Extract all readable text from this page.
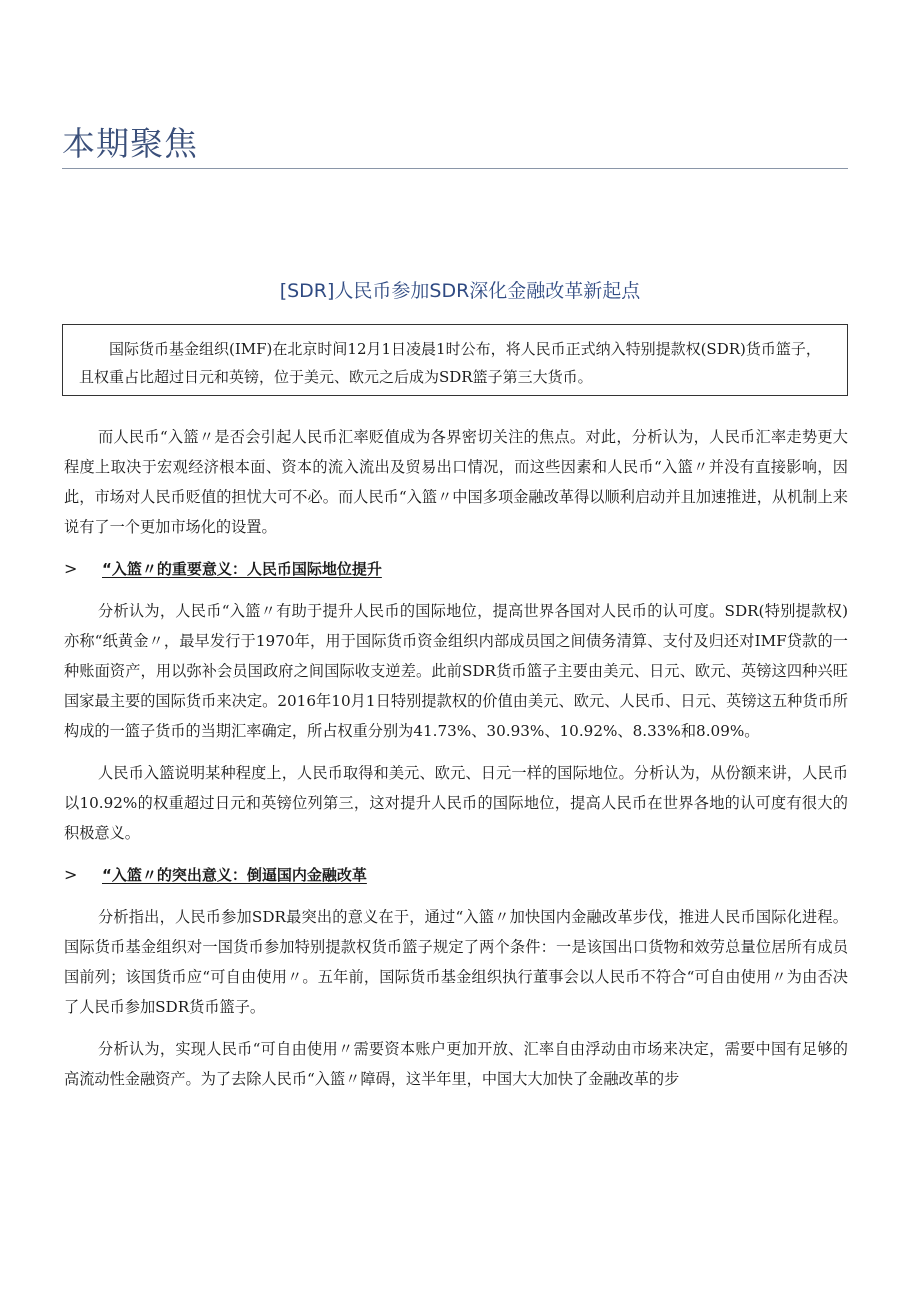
本期聚焦
[SDR]人民币参加SDR深化金融改革新起点

国际货币基金组织(IMF)在北京时间12月1日凌晨1时公布，将人民币正式纳入特别提款权(SDR)货币篮子，且权重占比超过日元和英镑，位于美元、欧元之后成为SDR篮子第三大货币。

而人民币“入篮〃是否会引起人民币汇率贬值成为各界密切关注的焦点。对此，分析认为，人民币汇率走势更大程度上取决于宏观经济根本面、资本的流入流出及贸易出口情况，而这些因素和人民币“入篮〃并没有直接影响，因此，市场对人民币贬值的担忧大可不必。而人民币“入篮〃中国多项金融改革得以顺利启动并且加速推进，从机制上来说有了一个更加市场化的设置。

>	“入篮〃的重要意义：人民币国际地位提升

分析认为，人民币“入篮〃有助于提升人民币的国际地位，提高世界各国对人民币的认可度。SDR(特别提款权)亦称“纸黄金〃，最早发行于1970年，用于国际货币资金组织内部成员国之间债务清算、支付及归还对IMF贷款的一种账面资产，用以弥补会员国政府之间国际收支逆差。此前SDR货币篮子主要由美元、日元、欧元、英镑这四种兴旺国家最主要的国际货币来决定。2016年10月1日特别提款权的价值由美元、欧元、人民币、日元、英镑这五种货币所构成的一篮子货币的当期汇率确定，所占权重分别为41.73%、30.93%、10.92%、8.33%和8.09%。

人民币入篮说明某种程度上，人民币取得和美元、欧元、日元一样的国际地位。分析认为，从份额来讲，人民币以10.92%的权重超过日元和英镑位列第三，这对提升人民币的国际地位，提高人民币在世界各地的认可度有很大的积极意义。

>	“入篮〃的突出意义：倒逼国内金融改革

分析指出，人民币参加SDR最突出的意义在于，通过“入篮〃加快国内金融改革步伐，推进人民币国际化进程。国际货币基金组织对一国货币参加特别提款权货币篮子规定了两个条件：一是该国出口货物和效劳总量位居所有成员国前列；该国货币应“可自由使用〃。五年前，国际货币基金组织执行董事会以人民币不符合“可自由使用〃为由否决了人民币参加SDR货币篮子。

分析认为，实现人民币“可自由使用〃需要资本账户更加开放、汇率自由浮动由市场来决定，需要中国有足够的高流动性金融资产。为了去除人民币“入篮〃障碍，这半年里，中国大大加快了金融改革的步
